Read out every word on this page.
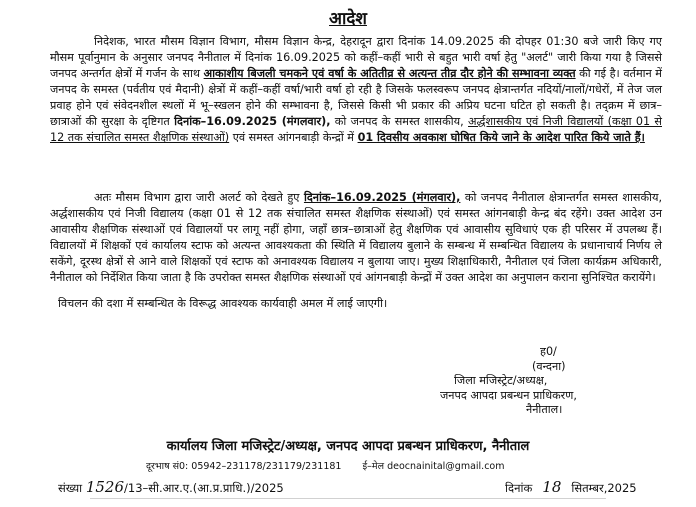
आदेश
निदेशक, भारत मौसम विज्ञान विभाग, मौसम विज्ञान केन्द्र, देहरादून द्वारा दिनांक 14.09.2025 की दोपहर 01:30 बजे जारी किए गए मौसम पूर्वानुमान के अनुसार जनपद नैनीताल में दिनांक 16.09.2025 को कहीं–कहीं भारी से बहुत भारी वर्षा हेतु "अलर्ट" जारी किया गया है जिससे जनपद अन्तर्गत क्षेत्रों में गर्जन के साथ आकाशीय बिजली चमकने एवं वर्षा के अतितीव्र से अत्यन्त तीव्र दौर होने की सम्भावना व्यक्त की गई है। वर्तमान में जनपद के समस्त (पर्वतीय एवं मैदानी) क्षेत्रों में कहीं–कहीं वर्षा/भारी वर्षा हो रही है जिसके फलस्वरूप जनपद क्षेत्रान्तर्गत नदियों/नालों/गधेरों, में तेज जल प्रवाह होने एवं संवेदनशील स्थलों में भू–स्खलन होने की सम्भावना है, जिससे किसी भी प्रकार की अप्रिय घटना घटित हो सकती है। तद्क्रम में छात्र–छात्राओं की सुरक्षा के दृष्टिगत दिनांक–16.09.2025 (मंगलवार), को जनपद के समस्त शासकीय, अर्द्धशासकीय एवं निजी विद्यालयों (कक्षा 01 से 12 तक संचालित समस्त शैक्षणिक संस्थाओं) एवं समस्त आंगनबाड़ी केन्द्रों में 01 दिवसीय अवकाश घोषित किये जाने के आदेश पारित किये जाते हैं।
अतः मौसम विभाग द्वारा जारी अलर्ट को देखते हुए दिनांक–16.09.2025 (मंगलवार), को जनपद नैनीताल क्षेत्रान्तर्गत समस्त शासकीय, अर्द्धशासकीय एवं निजी विद्यालय (कक्षा 01 से 12 तक संचालित समस्त शैक्षणिक संस्थाओं) एवं समस्त आंगनबाड़ी केन्द्र बंद रहेंगे। उक्त आदेश उन आवासीय शैक्षणिक संस्थाओं एवं विद्यालयों पर लागू नहीं होगा, जहाँ छात्र–छात्राओं हेतु शैक्षणिक एवं आवासीय सुविधाएं एक ही परिसर में उपलब्ध हैं। विद्यालयों में शिक्षकों एवं कार्यालय स्टाफ को अत्यन्त आवश्यकता की स्थिति में विद्यालय बुलाने के सम्बन्ध में सम्बन्धित विद्यालय के प्रधानाचार्य निर्णय ले सकेंगे, दूरस्थ क्षेत्रों से आने वाले शिक्षकों एवं स्टाफ को अनावश्यक विद्यालय न बुलाया जाए। मुख्य शिक्षाधिकारी, नैनीताल एवं जिला कार्यक्रम अधिकारी, नैनीताल को निर्देशित किया जाता है कि उपरोक्त समस्त शैक्षणिक संस्थाओं एवं आंगनबाड़ी केन्द्रों में उक्त आदेश का अनुपालन कराना सुनिश्चित करायेंगे।
विचलन की दशा में सम्बन्धित के विरूद्ध आवश्यक कार्यवाही अमल में लाई जाएगी।
ह0/
(वन्दना)
जिला मजिस्ट्रेट/अध्यक्ष,
जनपद आपदा प्रबन्धन प्राधिकरण,
नैनीताल।
कार्यालय जिला मजिस्ट्रेट/अध्यक्ष, जनपद आपदा प्रबन्धन प्राधिकरण, नैनीताल
दूरभाष सं0: 05942–231178/231179/231181 ई–मेल deocnainital@gmail.com
संख्या 1526/13–सी.आर.ए.(आ.प्र.प्राधि.)/2025	दिनांक 18 सितम्बर,2025
